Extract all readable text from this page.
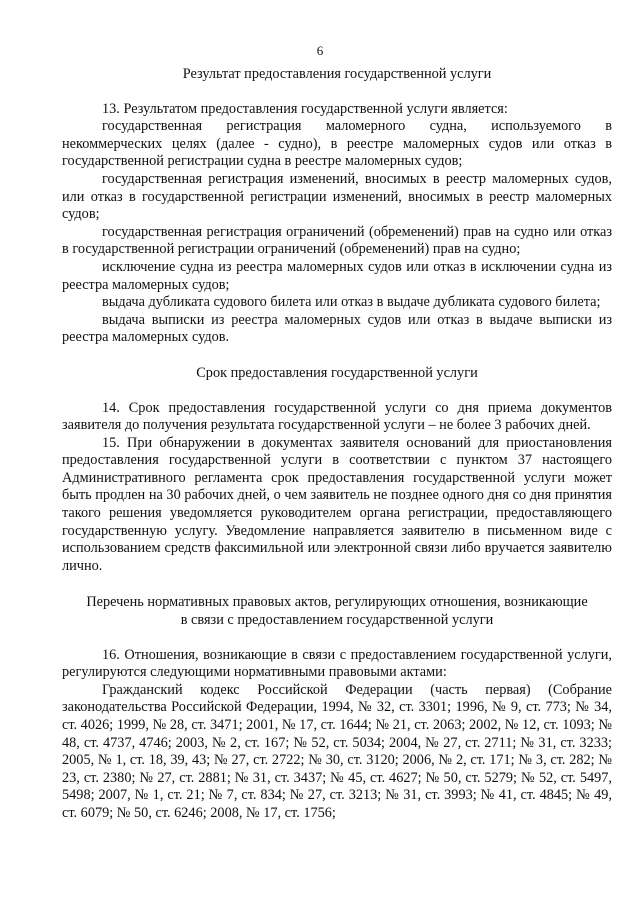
6

Результат предоставления государственной услуги

13. Результатом предоставления государственной услуги является:

государственная регистрация маломерного судна, используемого в некоммерческих целях (далее - судно), в реестре маломерных судов или отказ в государственной регистрации судна в реестре маломерных судов;

государственная регистрация изменений, вносимых в реестр маломерных судов, или отказ в государственной регистрации изменений, вносимых в реестр маломерных судов;

государственная регистрация ограничений (обременений) прав на судно или отказ в государственной регистрации ограничений (обременений) прав на судно;

исключение судна из реестра маломерных судов или отказ в исключении судна из реестра маломерных судов;

выдача дубликата судового билета или отказ в выдаче дубликата судового билета;

выдача выписки из реестра маломерных судов или отказ в выдаче выписки из реестра маломерных судов.

Срок предоставления государственной услуги

14. Срок предоставления государственной услуги со дня приема документов заявителя до получения результата государственной услуги – не более 3 рабочих дней.

15. При обнаружении в документах заявителя оснований для приостановления предоставления государственной услуги в соответствии с пунктом 37 настоящего Административного регламента срок предоставления государственной услуги может быть продлен на 30 рабочих дней, о чем заявитель не позднее одного дня со дня принятия такого решения уведомляется руководителем органа регистрации, предоставляющего государственную услугу. Уведомление направляется заявителю в письменном виде с использованием средств факсимильной или электронной связи либо вручается заявителю лично.

Перечень нормативных правовых актов, регулирующих отношения, возникающие
в связи с предоставлением государственной услуги

16. Отношения, возникающие в связи с предоставлением государственной услуги, регулируются следующими нормативными правовыми актами:

Гражданский кодекс Российской Федерации (часть первая) (Собрание законодательства Российской Федерации, 1994, № 32, ст. 3301; 1996, № 9, ст. 773; № 34, ст. 4026; 1999, № 28, ст. 3471; 2001, № 17, ст. 1644; № 21, ст. 2063; 2002, № 12, ст. 1093; № 48, ст. 4737, 4746; 2003, № 2, ст. 167; № 52, ст. 5034; 2004, № 27, ст. 2711; № 31, ст. 3233; 2005, № 1, ст. 18, 39, 43; № 27, ст. 2722; № 30, ст. 3120; 2006, № 2, ст. 171; № 3, ст. 282; № 23, ст. 2380; № 27, ст. 2881; № 31, ст. 3437; № 45, ст. 4627; № 50, ст. 5279; № 52, ст. 5497, 5498; 2007, № 1, ст. 21; № 7, ст. 834; № 27, ст. 3213; № 31, ст. 3993; № 41, ст. 4845; № 49, ст. 6079; № 50, ст. 6246; 2008, № 17, ст. 1756;
